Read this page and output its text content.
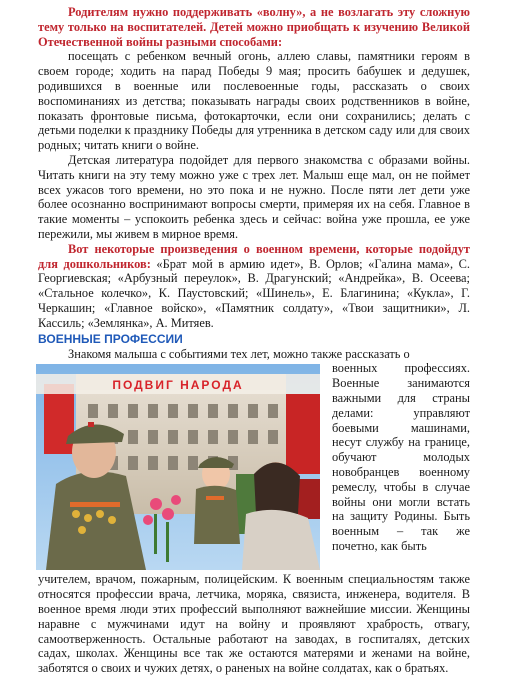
Родителям нужно поддерживать «волну», а не возлагать эту сложную тему только на воспитателей. Детей можно приобщать к изучению Великой Отечественной войны разными способами:

посещать с ребенком вечный огонь, аллею славы, памятники героям в своем городе; ходить на парад Победы 9 мая; просить бабушек и дедушек, родившихся в военные или послевоенные годы, рассказать о своих воспоминаниях из детства; показывать награды своих родственников в войне, показать фронтовые письма, фотокарточки, если они сохранились; делать с детьми поделки к празднику Победы для утренника в детском саду или для своих родных; читать книги о войне.

Детская литература подойдет для первого знакомства с образами войны. Читать книги на эту тему можно уже с трех лет. Малыш еще мал, он не поймет всех ужасов того времени, но это пока и не нужно. После пяти лет дети уже более осознанно воспринимают вопросы смерти, примеряя их на себя. Главное в такие моменты – успокоить ребенка здесь и сейчас: война уже прошла, ее уже пережили, мы живем в мирное время.

Вот некоторые произведения о военном времени, которые подойдут для дошкольников: «Брат мой в армию идет», В. Орлов; «Галина мама», С. Георгиевская; «Арбузный переулок», В. Драгунский; «Андрейка», В. Осеева; «Стальное колечко», К. Паустовский; «Шинель», Е. Благинина; «Кукла», Г. Черкашин; «Главное войско», «Памятник солдату», «Твои защитники», Л. Кассиль; «Землянка», А. Митяев.

ВОЕННЫЕ ПРОФЕССИИ

Знакомя малыша с событиями тех лет, можно также рассказать о

ПОДВИГ НАРОДА
военных профессиях. Военные занимаются важными для страны делами: управляют боевыми машинами, несут службу на границе, обучают молодых новобранцев военному ремеслу, чтобы в случае войны они могли встать на защиту Родины. Быть военным – так же почетно, как быть
учителем, врачом, пожарным, полицейским. К военным специальностям также относятся профессии врача, летчика, моряка, связиста, инженера, водителя. В военное время люди этих профессий выполняют важнейшие миссии. Женщины наравне с мужчинами идут на войну и проявляют храбрость, отвагу, самоотверженность. Остальные работают на заводах, в госпиталях, детских садах, школах. Женщины все так же остаются матерями и женами на войне, заботятся о своих и чужих детях, о раненых на войне солдатах, как о братьях.
